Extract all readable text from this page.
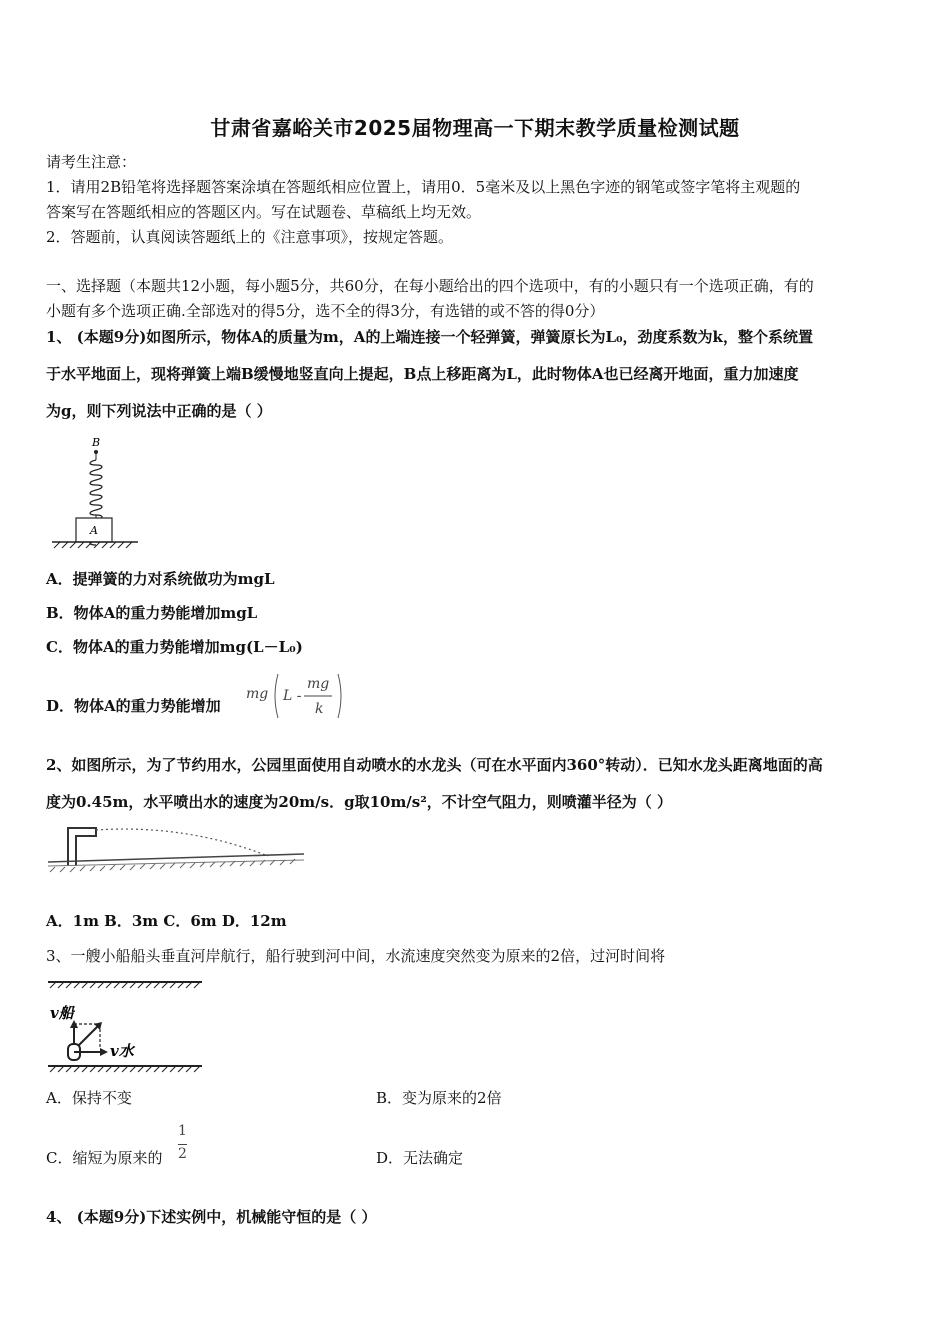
甘肃省嘉峪关市2025届物理高一下期末教学质量检测试题
请考生注意：
1．请用2B铅笔将选择题答案涂填在答题纸相应位置上，请用0．5毫米及以上黑色字迹的钢笔或签字笔将主观题的
答案写在答题纸相应的答题区内。写在试题卷、草稿纸上均无效。
2．答题前，认真阅读答题纸上的《注意事项》，按规定答题。
一、选择题（本题共12小题，每小题5分，共60分，在每小题给出的四个选项中，有的小题只有一个选项正确，有的
小题有多个选项正确.全部选对的得5分，选不全的得3分，有选错的或不答的得0分）
1、 (本题9分)如图所示，物体A的质量为m，A的上端连接一个轻弹簧，弹簧原长为L₀，劲度系数为k，整个系统置
于水平地面上，现将弹簧上端B缓慢地竖直向上提起，B点上移距离为L，此时物体A也已经离开地面，重力加速度
为g，则下列说法中正确的是（ ）
B
A
A．提弹簧的力对系统做功为mgL
B．物体A的重力势能增加mgL
C．物体A的重力势能增加mg(L－L₀)
D．物体A的重力势能增加
mg L -
mg
k
2、如图所示，为了节约用水，公园里面使用自动喷水的水龙头（可在水平面内360°转动）．已知水龙头距离地面的高
度为0.45m，水平喷出水的速度为20m/s．g取10m/s²，不计空气阻力，则喷灌半径为（ ）
A．1m B．3m C．6m D．12m
3、一艘小船船头垂直河岸航行，船行驶到河中间，水流速度突然变为原来的2倍，过河时间将
v船
v水
A．保持不变	B．变为原来的2倍
C．缩短为原来的 $\frac{1}{2}$	D．无法确定
4、 (本题9分)下述实例中，机械能守恒的是（ ）
